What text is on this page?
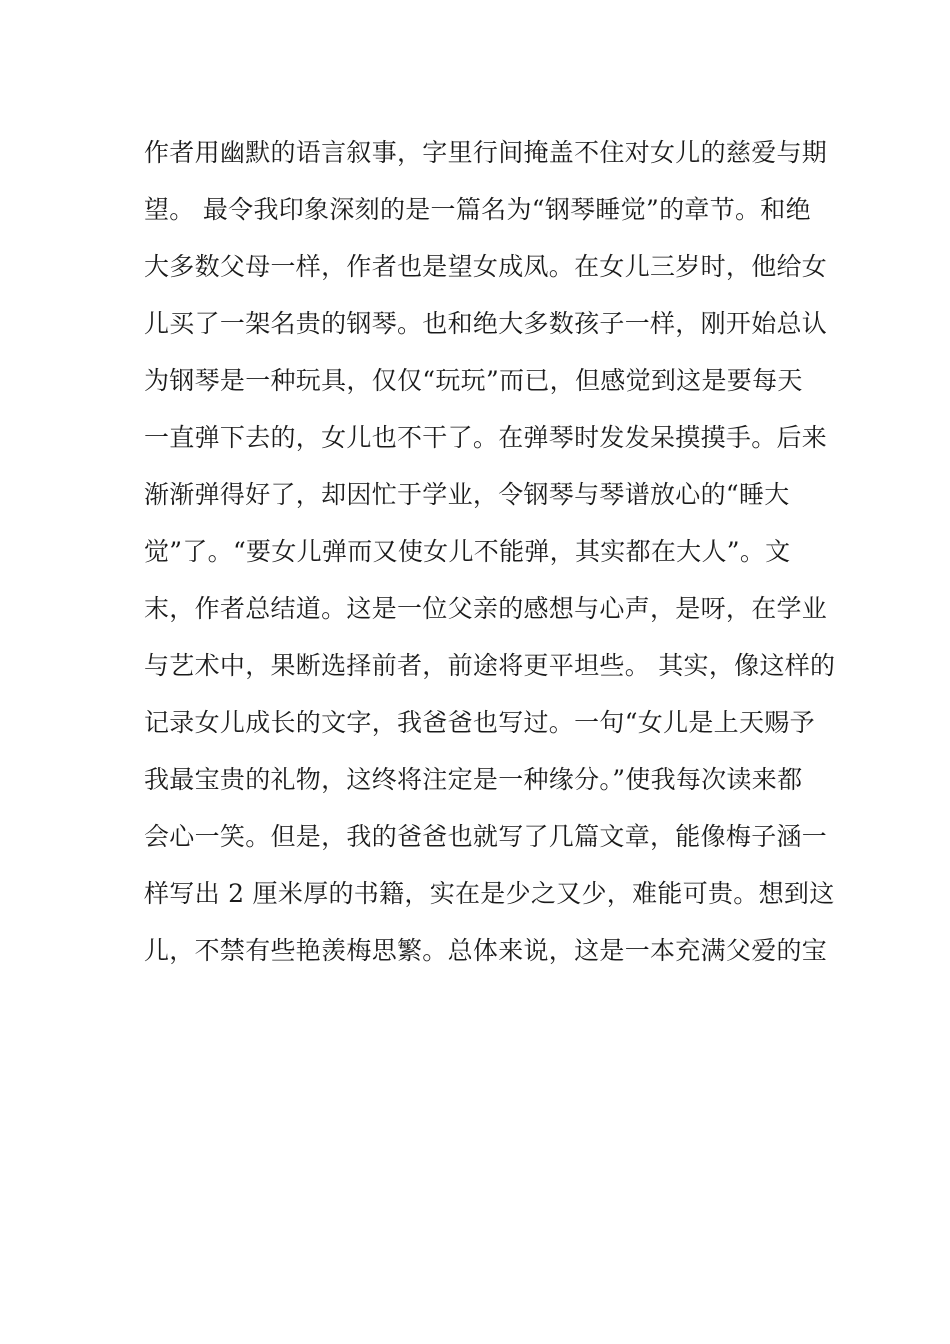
作者用幽默的语言叙事，字里行间掩盖不住对女儿的慈爱与期
望。 最令我印象深刻的是一篇名为“钢琴睡觉”的章节。和绝
大多数父母一样，作者也是望女成凤。在女儿三岁时，他给女
儿买了一架名贵的钢琴。也和绝大多数孩子一样，刚开始总认
为钢琴是一种玩具，仅仅“玩玩”而已，但感觉到这是要每天
一直弹下去的，女儿也不干了。在弹琴时发发呆摸摸手。后来
渐渐弹得好了，却因忙于学业，令钢琴与琴谱放心的“睡大
觉”了。“要女儿弹而又使女儿不能弹，其实都在大人”。文
末，作者总结道。这是一位父亲的感想与心声，是呀，在学业
与艺术中，果断选择前者，前途将更平坦些。 其实，像这样的
记录女儿成长的文字，我爸爸也写过。一句“女儿是上天赐予
我最宝贵的礼物，这终将注定是一种缘分。”使我每次读来都
会心一笑。但是，我的爸爸也就写了几篇文章，能像梅子涵一
样写出 2 厘米厚的书籍，实在是少之又少，难能可贵。想到这
儿，不禁有些艳羡梅思繁。总体来说，这是一本充满父爱的宝
